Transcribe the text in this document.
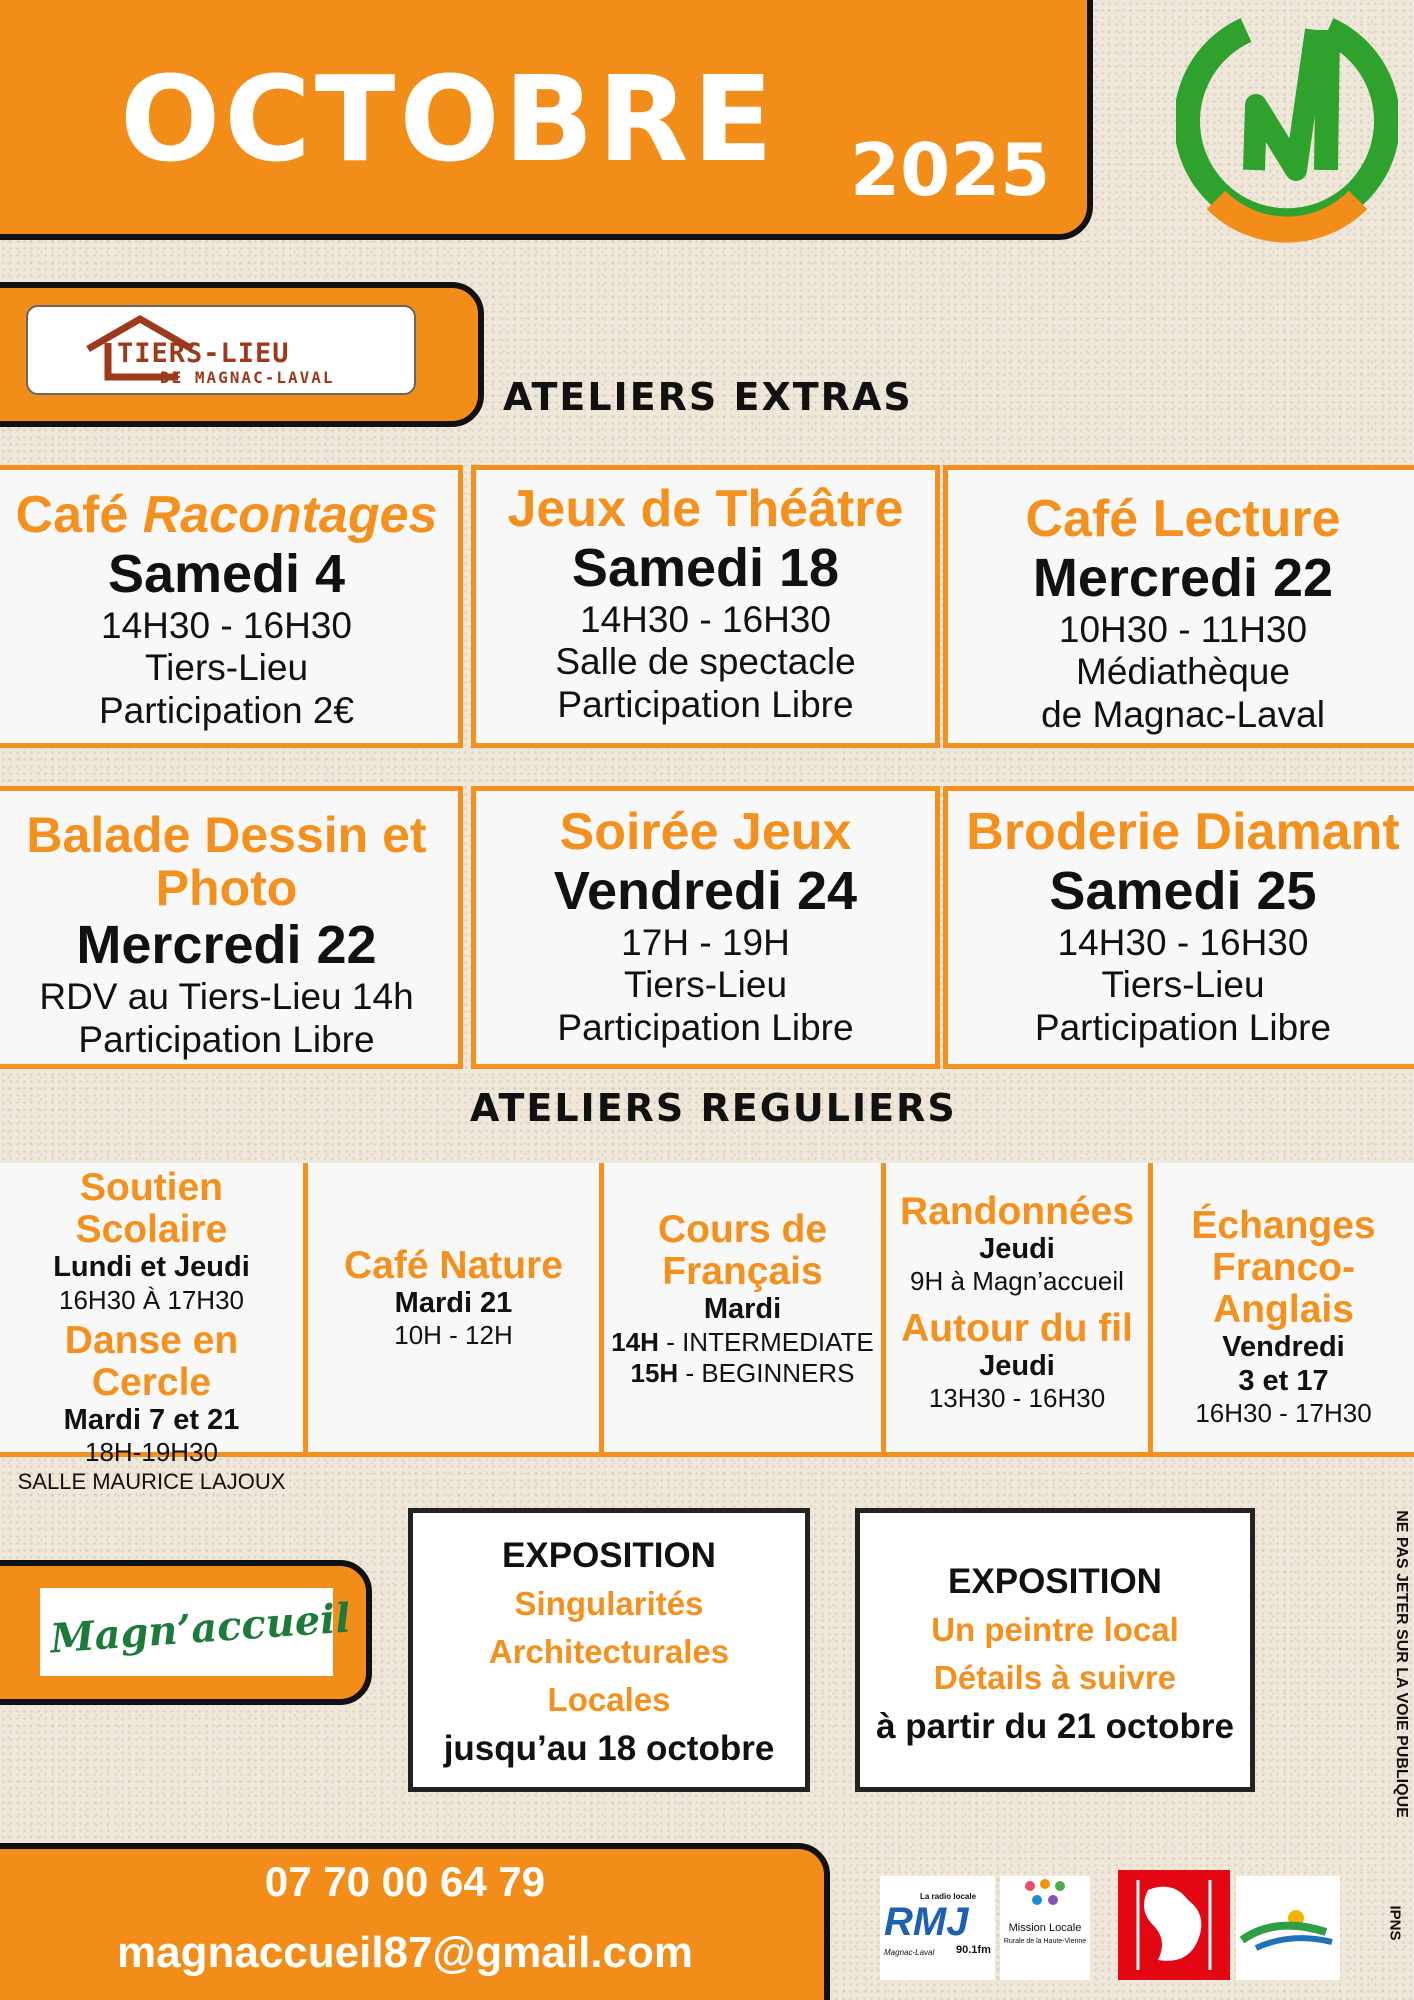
OCTOBRE 2025
TIERS-LIEU
DE MAGNAC-LAVAL	ATELIERS EXTRAS
Café Racontages
Samedi 4
14H30 - 16H30
Tiers-Lieu
Participation 2€
Jeux de Théâtre
Samedi 18
14H30 - 16H30
Salle de spectacle
Participation Libre
Café Lecture
Mercredi 22
10H30 - 11H30
Médiathèque
de Magnac-Laval
Balade Dessin et Photo
Mercredi 22
RDV au Tiers-Lieu 14h
Participation Libre
Soirée Jeux
Vendredi 24
17H - 19H
Tiers-Lieu
Participation Libre
Broderie Diamant
Samedi 25
14H30 - 16H30
Tiers-Lieu
Participation Libre
ATELIERS REGULIERS
Soutien Scolaire
Lundi et Jeudi
16H30 À 17H30
Danse en Cercle
Mardi 7 et 21
18H-19H30
SALLE MAURICE LAJOUX
Café Nature
Mardi 21
10H - 12H
Cours de Français
Mardi
14H - INTERMEDIATE
15H - BEGINNERS
Randonnées
Jeudi
9H à Magn’accueil
Autour du fil
Jeudi
13H30 - 16H30
Échanges Franco-Anglais
Vendredi
3 et 17
16H30 - 17H30
Magn’accueil
EXPOSITION
Singularités
Architecturales
Locales
jusqu’au 18 octobre
EXPOSITION
Un peintre local
Détails à suivre
à partir du 21 octobre	NE PAS JETER SUR LA VOIE PUBLIQUE
IPNS
07 70 00 64 79
magnaccueil87@gmail.com
La radio locale
RMJ
Magnac-Laval 90.1fm
Mission Locale
Rurale de la Haute-Vienne
